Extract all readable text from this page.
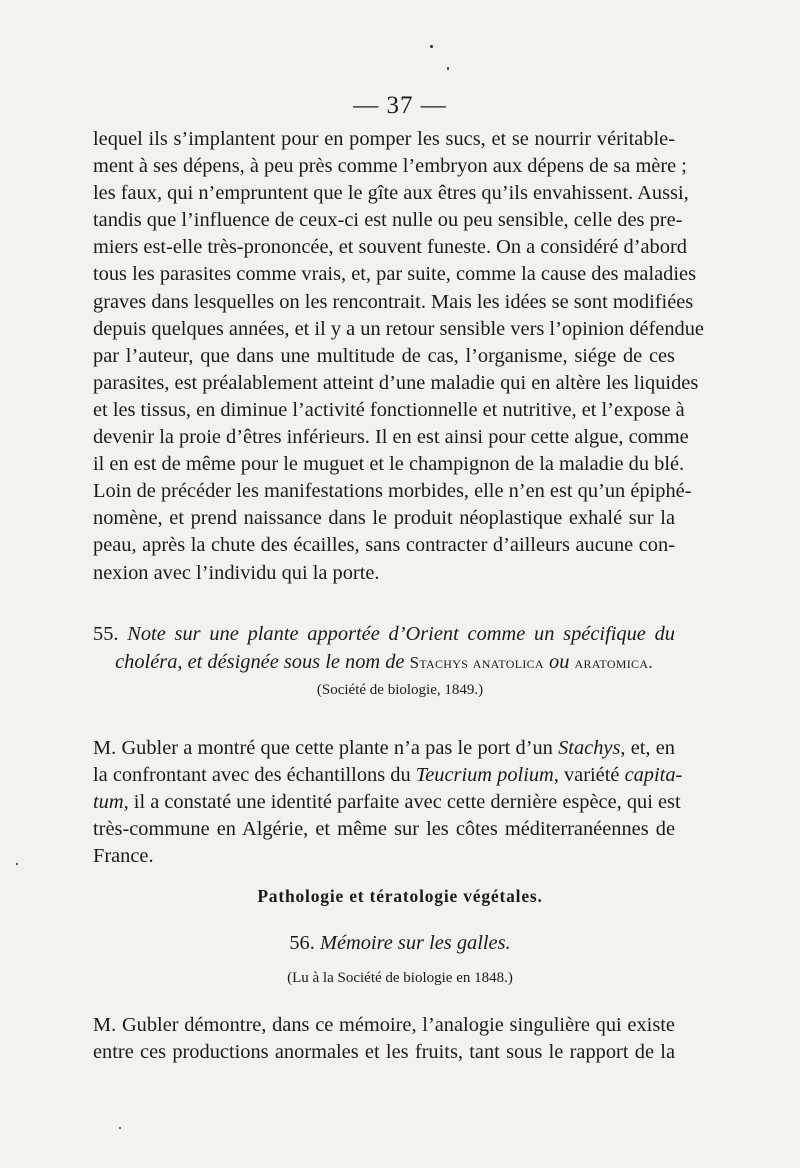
— 37 —
lequel ils s’implantent pour en pomper les sucs, et se nourrir véritable-
ment à ses dépens, à peu près comme l’embryon aux dépens de sa mère ;
les faux, qui n’empruntent que le gîte aux êtres qu’ils envahissent. Aussi,
tandis que l’influence de ceux-ci est nulle ou peu sensible, celle des pre-
miers est-elle très-prononcée, et souvent funeste. On a considéré d’abord
tous les parasites comme vrais, et, par suite, comme la cause des maladies
graves dans lesquelles on les rencontrait. Mais les idées se sont modifiées
depuis quelques années, et il y a un retour sensible vers l’opinion défendue
par l’auteur, que dans une multitude de cas, l’organisme, siége de ces
parasites, est préalablement atteint d’une maladie qui en altère les liquides
et les tissus, en diminue l’activité fonctionnelle et nutritive, et l’expose à
devenir la proie d’êtres inférieurs. Il en est ainsi pour cette algue, comme
il en est de même pour le muguet et le champignon de la maladie du blé.
Loin de précéder les manifestations morbides, elle n’en est qu’un épiphé-
nomène, et prend naissance dans le produit néoplastique exhalé sur la
peau, après la chute des écailles, sans contracter d’ailleurs aucune con-
nexion avec l’individu qui la porte.
55. Note sur une plante apportée d’Orient comme un spécifique du
choléra, et désignée sous le nom de Stachys anatolica ou aratomica.
(Société de biologie, 1849.)
M. Gubler a montré que cette plante n’a pas le port d’un Stachys, et, en
la confrontant avec des échantillons du Teucrium polium, variété capita-
tum, il a constaté une identité parfaite avec cette dernière espèce, qui est
très-commune en Algérie, et même sur les côtes méditerranéennes de
France.
Pathologie et tératologie végétales.
56. Mémoire sur les galles.
(Lu à la Société de biologie en 1848.)
M. Gubler démontre, dans ce mémoire, l’analogie singulière qui existe
entre ces productions anormales et les fruits, tant sous le rapport de la
